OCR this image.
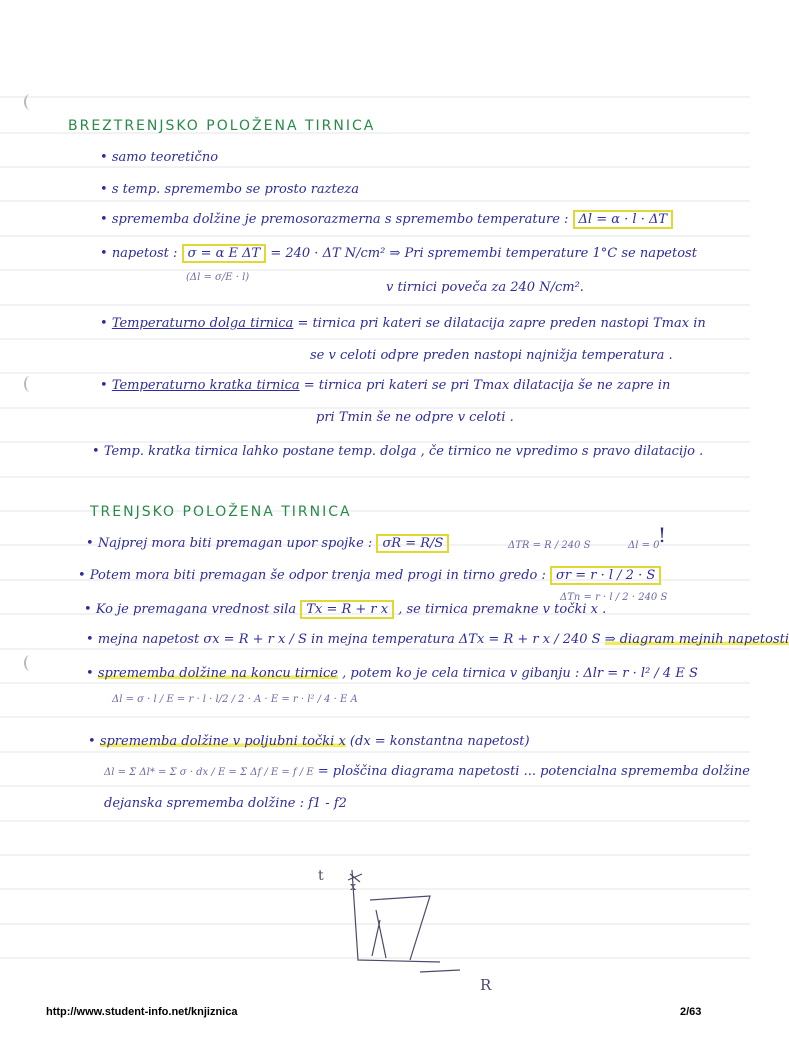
BREZTRENJSKO POLOŽENA TIRNICA
• samo teoretično
• s temp. spremembo se prosto razteza
• sprememba dolžine je premosorazmerna s spremembo temperature : Δl = α · l · ΔT
• napetost : σ = α E ΔT = 240 · ΔT N/cm² ⇒ Pri spremembi temperature 1°C se napetost
(Δl = σ/E · l)
v tirnici poveča za 240 N/cm².
• Temperaturno dolga tirnica = tirnica pri kateri se dilatacija zapre preden nastopi Tmax in
se v celoti odpre preden nastopi najnižja temperatura .
• Temperaturno kratka tirnica = tirnica pri kateri se pri Tmax dilatacija še ne zapre in
pri Tmin še ne odpre v celoti .
• Temp. kratka tirnica lahko postane temp. dolga , če tirnico ne vpredimo s pravo dilatacijo .
TRENJSKO POLOŽENA TIRNICA
• Najprej mora biti premagan upor spojke : σR = R/S	ΔTR = R / 240 S	Δl = 0
!
• Potem mora biti premagan še odpor trenja med progi in tirno gredo : σr = r · l / 2 · S
ΔTn = r · l / 2 · 240 S
• Ko je premagana vrednost sila Tx = R + r x , se tirnica premakne v točki x .
• mejna napetost σx = R + r x / S in mejna temperatura ΔTx = R + r x / 240 S ⇒ diagram mejnih napetosti
• sprememba dolžine na koncu tirnice , potem ko je cela tirnica v gibanju : Δlr = r · l² / 4 E S
Δl = σ · l / E = r · l · l/2 / 2 · A · E = r · l² / 4 · E A
• sprememba dolžine v poljubni točki x (dx = konstantna napetost)
Δl = Σ Δl* = Σ σ · dx / E = Σ Δf / E = f / E = ploščina diagrama napetosti ... potencialna sprememba dolžine
dejanska sprememba dolžine : f1 - f2
t
x
R
http://www.student-info.net/knjiznica	2/63
